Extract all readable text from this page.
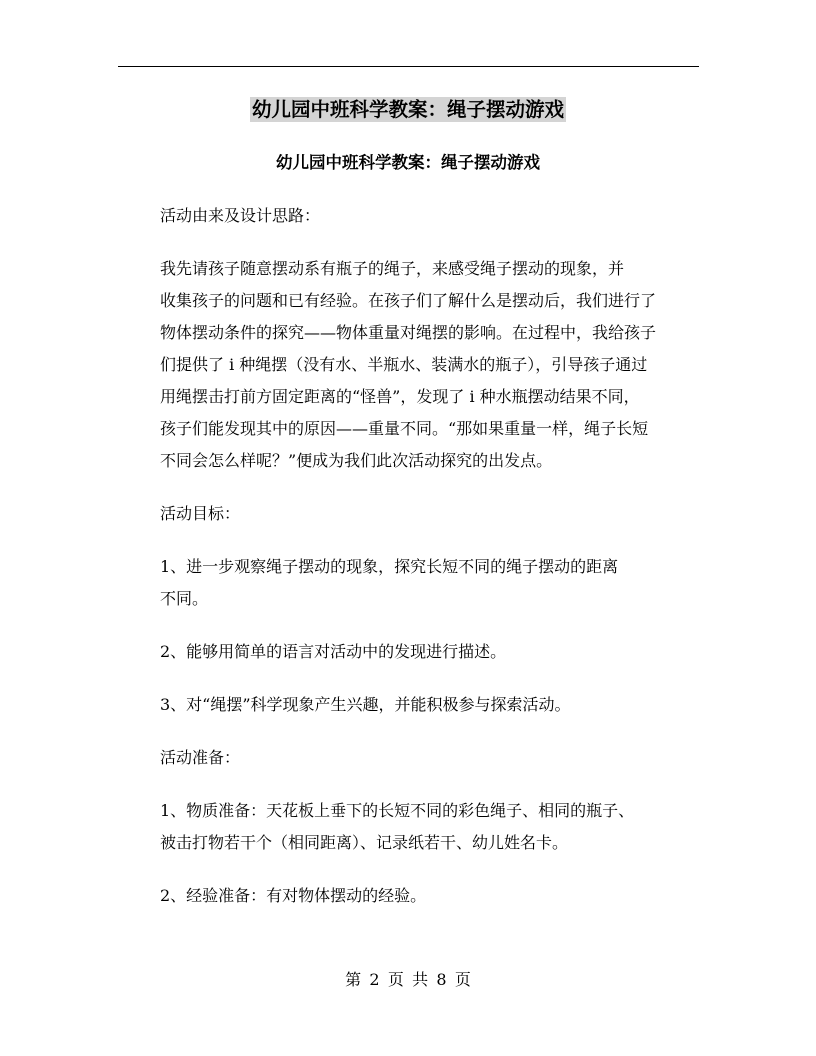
幼儿园中班科学教案：绳子摆动游戏
幼儿园中班科学教案：绳子摆动游戏
活动由来及设计思路：
我先请孩子随意摆动系有瓶子的绳子，来感受绳子摆动的现象，并
收集孩子的问题和已有经验。在孩子们了解什么是摆动后，我们进行了
物体摆动条件的探究——物体重量对绳摆的影响。在过程中，我给孩子
们提供了 i 种绳摆（没有水、半瓶水、装满水的瓶子），引导孩子通过
用绳摆击打前方固定距离的“怪兽”，发现了 i 种水瓶摆动结果不同，
孩子们能发现其中的原因——重量不同。“那如果重量一样，绳子长短
不同会怎么样呢？”便成为我们此次活动探究的出发点。
活动目标：
1、进一步观察绳子摆动的现象，探究长短不同的绳子摆动的距离
不同。
2、能够用简单的语言对活动中的发现进行描述。
3、对“绳摆”科学现象产生兴趣，并能积极参与探索活动。
活动准备：
1、物质准备：天花板上垂下的长短不同的彩色绳子、相同的瓶子、
被击打物若干个（相同距离）、记录纸若干、幼儿姓名卡。
2、经验准备：有对物体摆动的经验。
第 2 页 共 8 页
